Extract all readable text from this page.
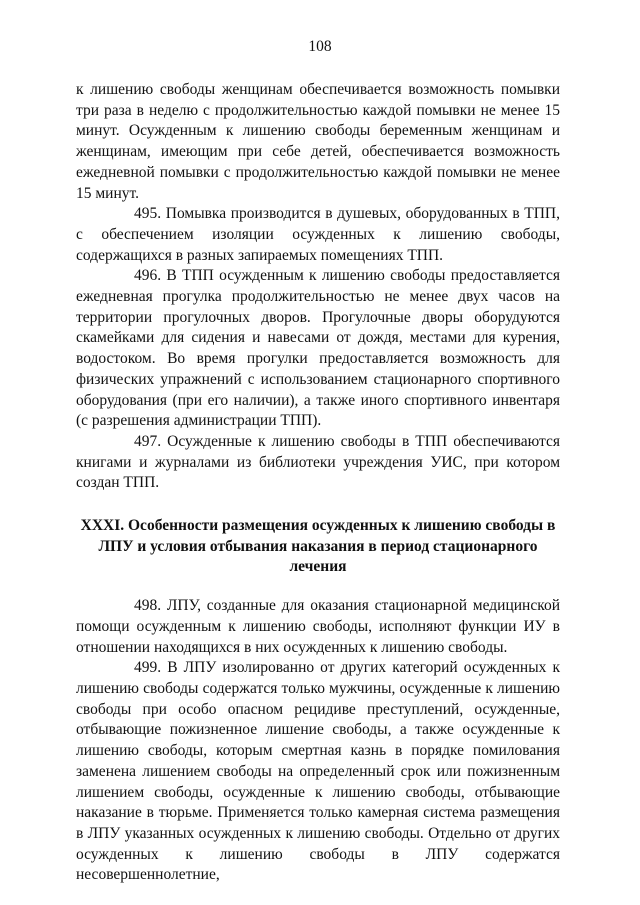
108

к лишению свободы женщинам обеспечивается возможность помывки три раза в неделю с продолжительностью каждой помывки не менее 15 минут. Осужденным к лишению свободы беременным женщинам и женщинам, имеющим при себе детей, обеспечивается возможность ежедневной помывки с продолжительностью каждой помывки не менее 15 минут.

495. Помывка производится в душевых, оборудованных в ТПП, с обеспечением изоляции осужденных к лишению свободы, содержащихся в разных запираемых помещениях ТПП.

496. В ТПП осужденным к лишению свободы предоставляется ежедневная прогулка продолжительностью не менее двух часов на территории прогулочных дворов. Прогулочные дворы оборудуются скамейками для сидения и навесами от дождя, местами для курения, водостоком. Во время прогулки предоставляется возможность для физических упражнений с использованием стационарного спортивного оборудования (при его наличии), а также иного спортивного инвентаря (с разрешения администрации ТПП).

497. Осужденные к лишению свободы в ТПП обеспечиваются книгами и журналами из библиотеки учреждения УИС, при котором создан ТПП.

XXXI. Особенности размещения осужденных к лишению свободы в ЛПУ и условия отбывания наказания в период стационарного лечения

498. ЛПУ, созданные для оказания стационарной медицинской помощи осужденным к лишению свободы, исполняют функции ИУ в отношении находящихся в них осужденных к лишению свободы.

499. В ЛПУ изолированно от других категорий осужденных к лишению свободы содержатся только мужчины, осужденные к лишению свободы при особо опасном рецидиве преступлений, осужденные, отбывающие пожизненное лишение свободы, а также осужденные к лишению свободы, которым смертная казнь в порядке помилования заменена лишением свободы на определенный срок или пожизненным лишением свободы, осужденные к лишению свободы, отбывающие наказание в тюрьме. Применяется только камерная система размещения в ЛПУ указанных осужденных к лишению свободы. Отдельно от других осужденных к лишению свободы в ЛПУ содержатся несовершеннолетние,
